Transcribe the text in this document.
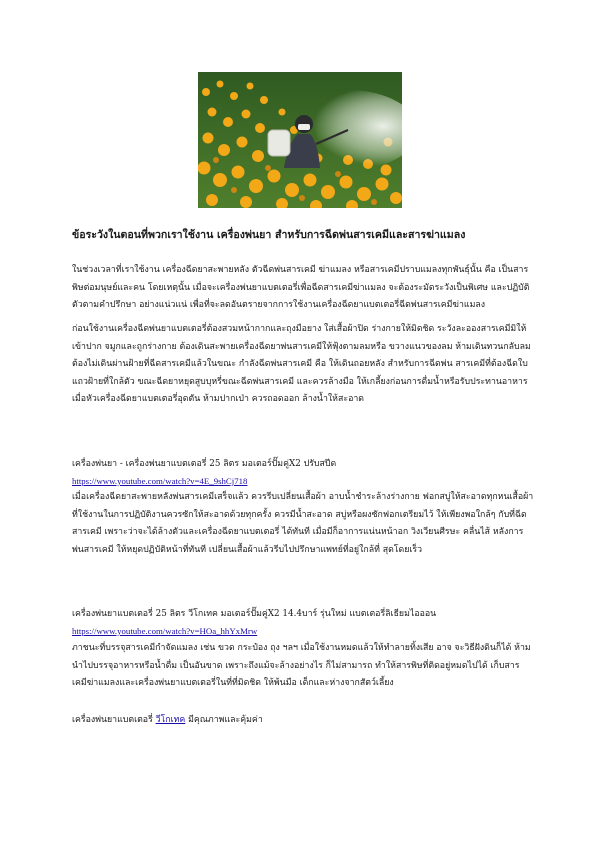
ข้อระวังในตอนที่พวกเราใช้งาน เครื่องพ่นยา สำหรับการฉีดพ่นสารเคมีและสารฆ่าแมลง

ในช่วงเวลาที่เราใช้งาน เครื่องฉีดยาสะพายหลัง ตัวฉีดพ่นสารเคมี ฆ่าแมลง หรือสารเคมีปราบแมลงทุกพันธุ์นั้น คือ เป็นสารพิษต่อมนุษย์และคน โดยเหตุนั้น เมื่อจะเครื่องพ่นยาแบตเตอรี่เพื่อฉีดสารเคมีฆ่าแมลง จะต้องระมัดระวังเป็นพิเศษ และปฏิบัติตัวตามคำปรึกษา อย่างแน่วแน่ เพื่อที่จะลดอันตรายจากการใช้งานเครื่องฉีดยาแบตเตอรี่ฉีดพ่นสารเคมีฆ่าแมลง

ก่อนใช้งานเครื่องฉีดพ่นยาแบตเตอรี่ต้องสวมหน้ากากและถุงมือยาง ใส่เสื้อผ้าปิด ร่างกายให้มิดชิด ระวังละอองสารเคมีมิให้เข้าปาก จมูกและถูกร่างกาย ต้องเดินสะพายเครื่องฉีดยาพ่นสารเคมีให้ฟุ้งตามลมหรือ ขวางแนวของลม ห้ามเดินทวนกลับลม ต้องไม่เดินผ่านฝ้ายที่ฉีดสารเคมีแล้วในขณะ กำลังฉีดพ่นสารเคมี คือ ให้เดินถอยหลัง สำหรับการฉีดพ่น สารเคมีที่ต้องฉีดใบแถวฝ้ายที่ใกล้ตัว ขณะฉีดยาหยุดสูบบุหรี่ขณะฉีดพ่นสารเคมี และควรล้างมือ ให้เกลี้ยงก่อนการดื่มน้ำหรือรับประทานอาหาร เมื่อหัวเครื่องฉีดยาแบตเตอรี่อุดตัน ห้ามปากเป่า ควรถอดออก ล้างน้ำให้สะอาด

เครื่องพ่นยา - เครื่องพ่นยาแบตเตอรี่ 25 ลิตร มอเตอร์ปั๊มคู่X2 ปรับสปีด
https://www.youtube.com/watch?v=4E_9shCj718

เมื่อเครื่องฉีดยาสะพายหลังพ่นสารเคมีเสร็จแล้ว ควรรีบเปลี่ยนเสื้อผ้า อาบน้ำชำระล้างร่างกาย ฟอกสบู่ให้สะอาดทุกหนเสื้อผ้าที่ใช้งานในการปฏิบัติงานควรซักให้สะอาดด้วยทุกครั้ง ควรมีน้ำสะอาด สบู่หรือผงซักฟอกเตรียมไว้ ให้เพียงพอใกล้ๆ กับที่ฉีดสารเคมี เพราะว่าจะได้ล้างตัวและเครื่องฉีดยาแบตเตอรี่ ได้ทันที เมื่อมีก็อาการแน่นหน้าอก วิงเวียนศีรษะ คลื่นไส้ หลังการพ่นสารเคมี ให้หยุดปฏิบัติหน้าที่ทันที เปลี่ยนเสื้อผ้าแล้วรีบไปปรึกษาแพทย์ที่อยู่ใกล้ที่ สุดโดยเร็ว

เครื่องพ่นยาแบตเตอรี่ 25 ลิตร วีโกเทค มอเตอร์ปั๊มคู่X2 14.4บาร์ รุ่นใหม่ แบตเตอรี่ลิเธียมไอออน
https://www.youtube.com/watch?v=HOa_hhYxMrw

ภาชนะที่บรรจุสารเคมีกำจัดแมลง เช่น ขวด กระป๋อง ถุง ฯลฯ เมื่อใช้งานหมดแล้วให้ทำลายทิ้งเสีย อาจ จะวิธีฝังดินก็ได้ ห้ามนำไปบรรจุอาหารหรือน้ำดื่ม เป็นอันขาด เพราะถึงแม้จะล้างอย่างไร ก็ไม่สามารถ ทำให้สารพิษที่ติดอยู่หมดไปได้ เก็บสารเคมีฆ่าแมลงและเครื่องพ่นยาแบตเตอรี่ในที่ที่มิดชิด ให้พ้นมือ เด็กและห่างจากสัตว์เลี้ยง

เครื่องพ่นยาแบตเตอรี่ วีโกเทค มีคุณภาพและคุ้มค่า
